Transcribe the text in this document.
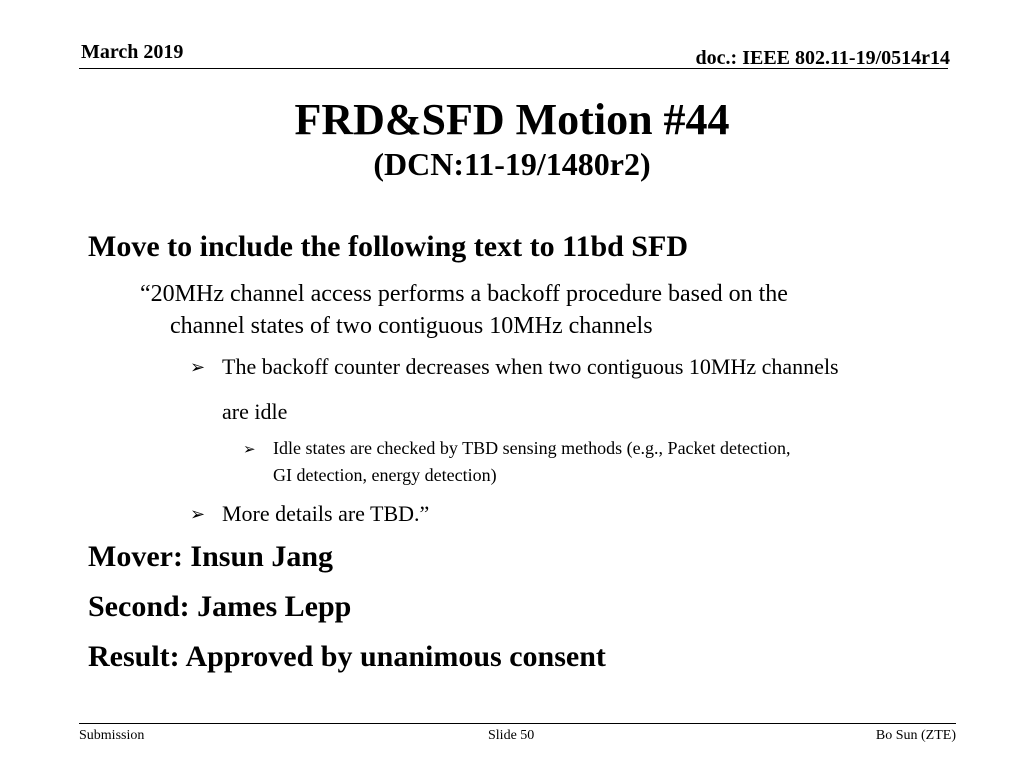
March 2019	doc.: IEEE 802.11-19/0514r14
FRD&SFD Motion #44
(DCN:11-19/1480r2)
Move to include the following text to 11bd SFD
“20MHz channel access performs a backoff procedure based on the
channel states of two contiguous 10MHz channels
➢ The backoff counter decreases when two contiguous 10MHz channels
are idle
➢ Idle states are checked by TBD sensing methods (e.g., Packet detection,
GI detection, energy detection)
➢ More details are TBD.”
Mover: Insun Jang
Second: James Lepp
Result: Approved by unanimous consent
Submission	Slide 50	Bo Sun (ZTE)
